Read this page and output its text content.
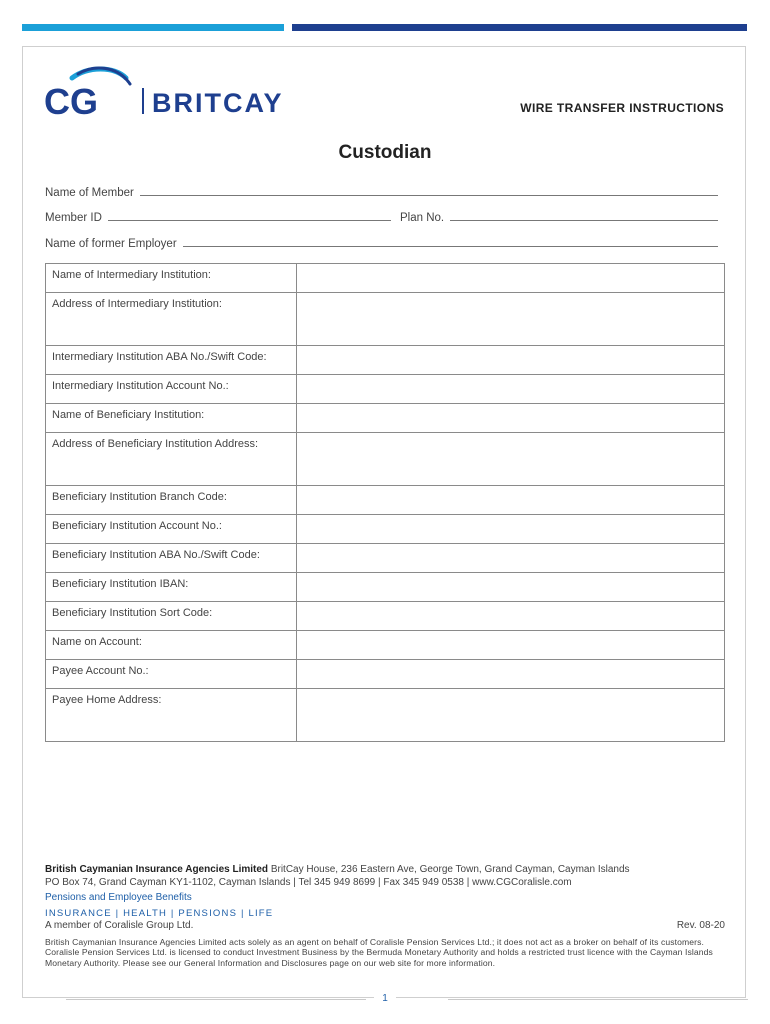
CG BRITCAY	WIRE TRANSFER INSTRUCTIONS
Custodian
Name of Member
Member ID	Plan No.
Name of former Employer
Name of Intermediary Institution:	
Address of Intermediary Institution:	
Intermediary Institution ABA No./Swift Code:	
Intermediary Institution Account No.:	
Name of Beneficiary Institution:	
Address of Beneficiary Institution Address:	
Beneficiary Institution Branch Code:	
Beneficiary Institution Account No.:	
Beneficiary Institution ABA No./Swift Code:	
Beneficiary Institution IBAN:	
Beneficiary Institution Sort Code:	
Name on Account:	
Payee Account No.:	
Payee Home Address:	
British Caymanian Insurance Agencies Limited BritCay House, 236 Eastern Ave, George Town, Grand Cayman, Cayman Islands
PO Box 74, Grand Cayman KY1-1102, Cayman Islands | Tel 345 949 8699 | Fax 345 949 0538 | www.CGCoralisle.com
Pensions and Employee Benefits
INSURANCE | HEALTH | PENSIONS | LIFE
A member of Coralisle Group Ltd.	Rev. 08-20
British Caymanian Insurance Agencies Limited acts solely as an agent on behalf of Coralisle Pension Services Ltd.; it does not act as a broker on behalf of its customers. Coralisle Pension Services Ltd. is licensed to conduct Investment Business by the Bermuda Monetary Authority and holds a restricted trust licence with the Cayman Islands Monetary Authority. Please see our General Information and Disclosures page on our web site for more information.
1
